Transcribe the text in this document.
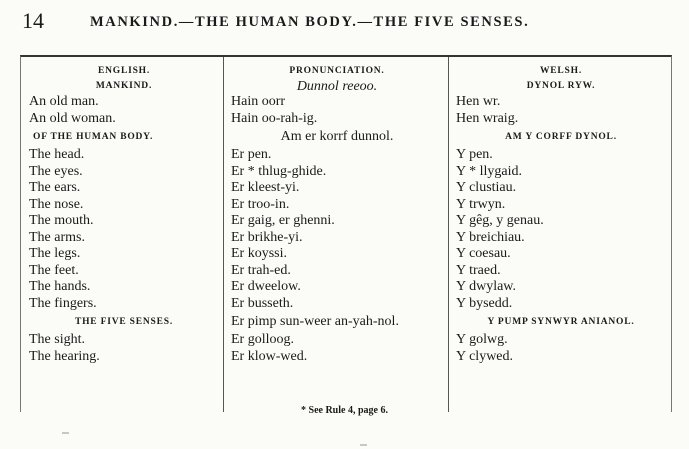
14	MANKIND.—THE HUMAN BODY.—THE FIVE SENSES.
ENGLISH.
MANKIND.
An old man.
An old woman.
OF THE HUMAN BODY.
The head.
The eyes.
The ears.
The nose.
The mouth.
The arms.
The legs.
The feet.
The hands.
The fingers.
THE FIVE SENSES.
The sight.
The hearing.
PRONUNCIATION.
Dunnol reeoo.
Hain oorr
Hain oo-rah-ig.
Am er korrf dunnol.
Er pen.
Er * thlug-ghide.
Er kleest-yi.
Er troo-in.
Er gaig, er ghenni.
Er brikhe-yi.
Er koyssi.
Er trah-ed.
Er dweelow.
Er busseth.
Er pimp sun-weer an-yah-nol.
Er golloog.
Er klow-wed.
WELSH.
DYNOL RYW.
Hen wr.
Hen wraig.
AM Y CORFF DYNOL.
Y pen.
Y * llygaid.
Y clustiau.
Y trwyn.
Y gêg, y genau.
Y breichiau.
Y coesau.
Y traed.
Y dwylaw.
Y bysedd.
Y PUMP SYNWYR ANIANOL.
Y golwg.
Y clywed.
* See Rule 4, page 6.
